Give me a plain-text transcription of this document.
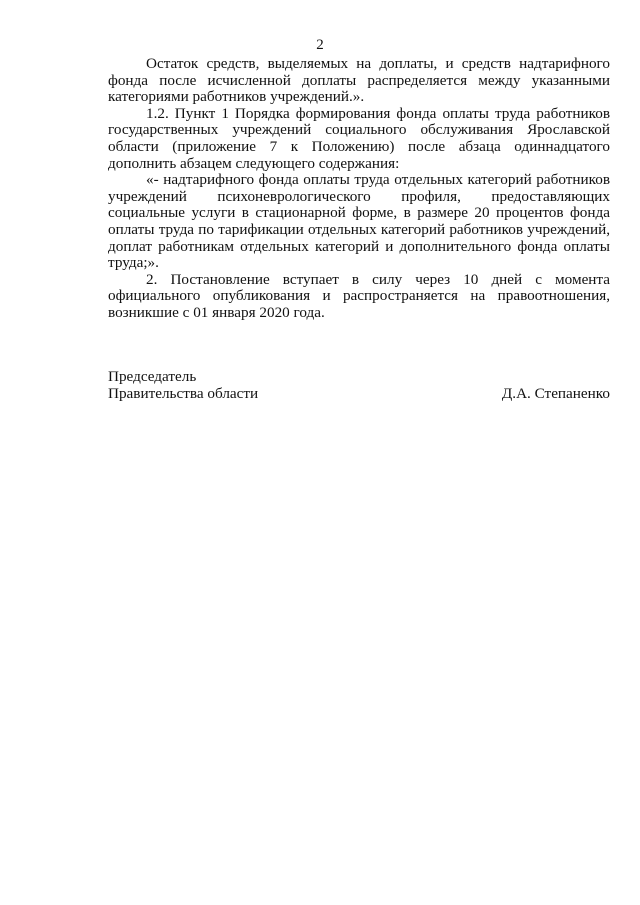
2

Остаток средств, выделяемых на доплаты, и средств надтарифного фонда после исчисленной доплаты распределяется между указанными категориями работников учреждений.».

1.2. Пункт 1 Порядка формирования фонда оплаты труда работников государственных учреждений социального обслуживания Ярославской области (приложение 7 к Положению) после абзаца одиннадцатого дополнить абзацем следующего содержания:

«- надтарифного фонда оплаты труда отдельных категорий работников учреждений психоневрологического профиля, предоставляющих социальные услуги в стационарной форме, в размере 20 процентов фонда оплаты труда по тарификации отдельных категорий работников учреждений, доплат работникам отдельных категорий и дополнительного фонда оплаты труда;».

2. Постановление вступает в силу через 10 дней с момента официального опубликования и распространяется на правоотношения, возникшие с 01 января 2020 года.

Председатель
Правительства области	Д.А. Степаненко
